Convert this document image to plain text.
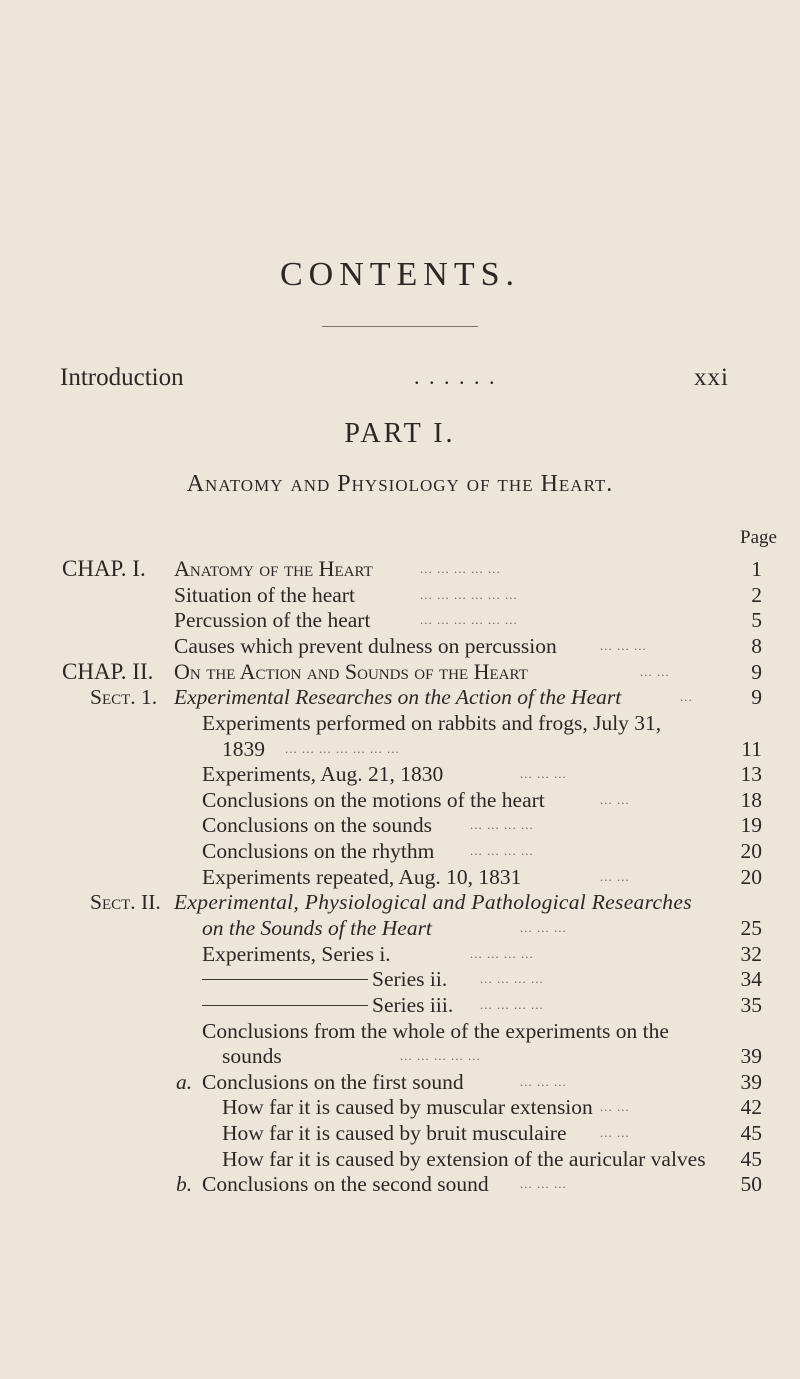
CONTENTS.
Introduction	. . . . . .	xxi
PART I.
Anatomy and Physiology of the Heart.
Page
CHAP. I. Anatomy of the Heart	... ... ... ... ...	1
Situation of the heart	... ... ... ... ... ...	2
Percussion of the heart	... ... ... ... ... ...	5
Causes which prevent dulness on percussion	... ... ...	8
CHAP. II. On the Action and Sounds of the Heart	... ...	9
Sect. 1. Experimental Researches on the Action of the Heart	...	9
Experiments performed on rabbits and frogs, July 31,
1839 ... ... ... ... ... ... ...	11
Experiments, Aug. 21, 1830	... ... ...	13
Conclusions on the motions of the heart	... ...	18
Conclusions on the sounds	... ... ... ...	19
Conclusions on the rhythm	... ... ... ...	20
Experiments repeated, Aug. 10, 1831	... ...	20
Sect. II. Experimental, Physiological and Pathological Researches
on the Sounds of the Heart	... ... ...	25
Experiments, Series i.	... ... ... ...	32
Series ii.	... ... ... ...	34
Series iii. ... ... ... ...	35
Conclusions from the whole of the experiments on the
sounds	... ... ... ... ...	39
a. Conclusions on the first sound	... ... ...	39
How far it is caused by muscular extension ... ...	42
How far it is caused by bruit musculaire	... ...	45
How far it is caused by extension of the auricular valves 45
b. Conclusions on the second sound ... ... ...	50
